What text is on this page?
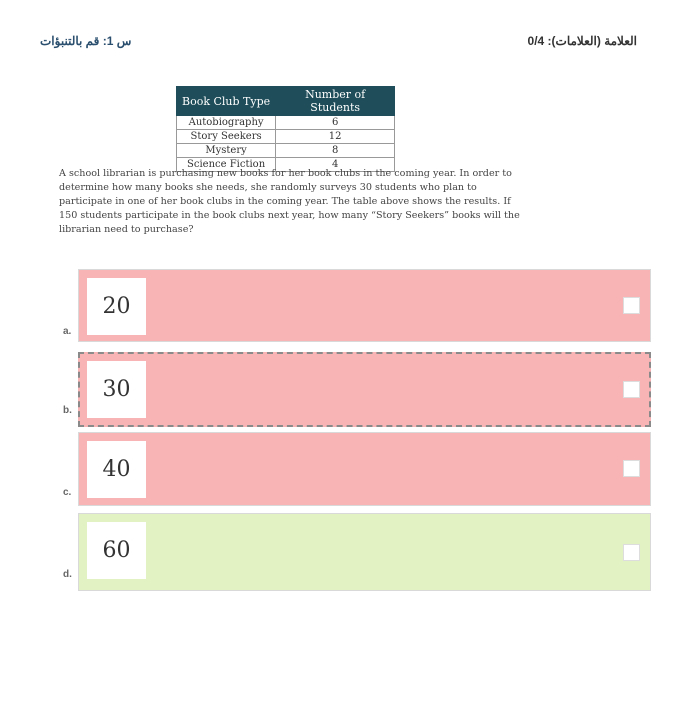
س 1: قم بالتنبؤات	العلامة (العلامات): 0/4
Book Club Type	Number of Students
Autobiography	6
Story Seekers	12
Mystery	8
Science Fiction	4
A school librarian is purchasing new books for her book clubs in the coming year. In order to determine how many books she needs, she randomly surveys 30 students who plan to participate in one of her book clubs in the coming year. The table above shows the results. If 150 students participate in the book clubs next year, how many “Story Seekers” books will the librarian need to purchase?
20
a.
30
b.
40
c.
60
d.
